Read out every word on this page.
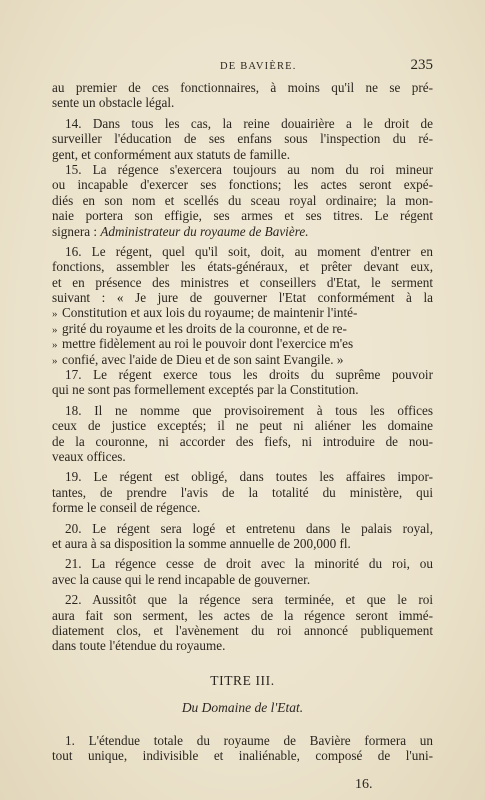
DE BAVIÈRE.	235
au premier de ces fonctionnaires, à moins qu'il ne se pré-
sente un obstacle légal.
14. Dans tous les cas, la reine douairière a le droit de
surveiller l'éducation de ses enfans sous l'inspection du ré-
gent, et conformément aux statuts de famille.
15. La régence s'exercera toujours au nom du roi mineur
ou incapable d'exercer ses fonctions; les actes seront expé-
diés en son nom et scellés du sceau royal ordinaire; la mon-
naie portera son effigie, ses armes et ses titres. Le régent
signera : Administrateur du royaume de Bavière.
16. Le régent, quel qu'il soit, doit, au moment d'entrer en
fonctions, assembler les états-généraux, et prêter devant eux,
et en présence des ministres et conseillers d'Etat, le serment
suivant : « Je jure de gouverner l'Etat conformément à la
» Constitution et aux lois du royaume; de maintenir l'inté-
» grité du royaume et les droits de la couronne, et de re-
» mettre fidèlement au roi le pouvoir dont l'exercice m'es
» confié, avec l'aide de Dieu et de son saint Evangile. »
17. Le régent exerce tous les droits du suprême pouvoir
qui ne sont pas formellement exceptés par la Constitution.
18. Il ne nomme que provisoirement à tous les offices
ceux de justice exceptés; il ne peut ni aliéner les domaine
de la couronne, ni accorder des fiefs, ni introduire de nou-
veaux offices.
19. Le régent est obligé, dans toutes les affaires impor-
tantes, de prendre l'avis de la totalité du ministère, qui
forme le conseil de régence.
20. Le régent sera logé et entretenu dans le palais royal,
et aura à sa disposition la somme annuelle de 200,000 fl.
21. La régence cesse de droit avec la minorité du roi, ou
avec la cause qui le rend incapable de gouverner.
22. Aussitôt que la régence sera terminée, et que le roi
aura fait son serment, les actes de la régence seront immé-
diatement clos, et l'avènement du roi annoncé publiquement
dans toute l'étendue du royaume.
TITRE III.
Du Domaine de l'Etat.
1. L'étendue totale du royaume de Bavière formera un
tout unique, indivisible et inaliénable, composé de l'uni-
16.
